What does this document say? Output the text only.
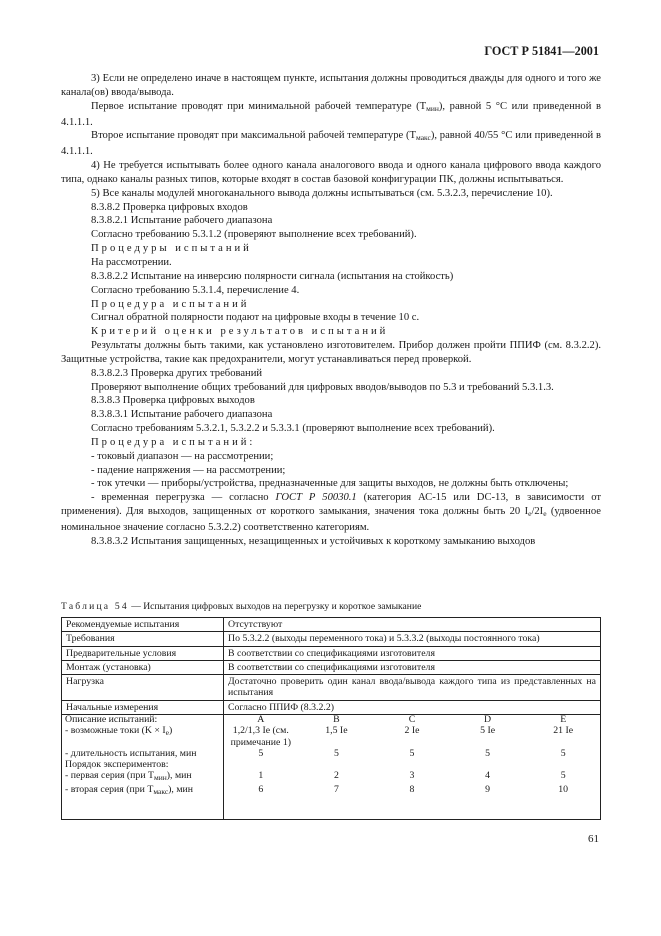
ГОСТ Р 51841—2001

3) Если не определено иначе в настоящем пункте, испытания должны проводиться дважды для одного и того же канала(ов) ввода/вывода.

Первое испытание проводят при минимальной рабочей температуре $(T_{мин})$, равной 5 °С или приведенной в 4.1.1.1.

Второе испытание проводят при максимальной рабочей температуре $(T_{макс})$, равной 40/55 °С или приведенной в 4.1.1.1.

4) Не требуется испытывать более одного канала аналогового ввода и одного канала цифрового ввода каждого типа, однако каналы разных типов, которые входят в состав базовой конфигурации ПК, должны испытываться.

5) Все каналы модулей многоканального вывода должны испытываться (см. 5.3.2.3, перечисление 10).

8.3.8.2 Проверка цифровых входов

8.3.8.2.1 Испытание рабочего диапазона

Согласно требованию 5.3.1.2 (проверяют выполнение всех требований).

Процедуры испытаний

На рассмотрении.

8.3.8.2.2 Испытание на инверсию полярности сигнала (испытания на стойкость)

Согласно требованию 5.3.1.4, перечисление 4.

Процедура испытаний

Сигнал обратной полярности подают на цифровые входы в течение 10 с.

Критерий оценки результатов испытаний

Результаты должны быть такими, как установлено изготовителем. Прибор должен пройти ППИФ (см. 8.3.2.2). Защитные устройства, такие как предохранители, могут устанавливаться перед проверкой.

8.3.8.2.3 Проверка других требований

Проверяют выполнение общих требований для цифровых вводов/выводов по 5.3 и требований 5.3.1.3.

8.3.8.3 Проверка цифровых выходов

8.3.8.3.1 Испытание рабочего диапазона

Согласно требованиям 5.3.2.1, 5.3.2.2 и 5.3.3.1 (проверяют выполнение всех требований).

Процедура испытаний:

- токовый диапазон — на рассмотрении;

- падение напряжения — на рассмотрении;

- ток утечки — приборы/устройства, предназначенные для защиты выходов, не должны быть отключены;

- временная перегрузка — согласно ГОСТ Р 50030.1 (категория АС-15 или DC-13, в зависимости от применения). Для выходов, защищенных от короткого замыкания, значения тока должны быть 20 $I_е/2I_е$ (удвоенное номинальное значение согласно 5.3.2.2) соответственно категориям.

8.3.8.3.2 Испытания защищенных, незащищенных и устойчивых к короткому замыканию выходов

Таблица 54 — Испытания цифровых выходов на перегрузку и короткое замыкание
Рекомендуемые испытания	Отсутствуют
Требования	По 5.3.2.2 (выходы переменного тока) и 5.3.3.2 (выходы постоянного тока)
Предварительные условия	В соответствии со спецификациями изготовителя
Монтаж (установка)	В соответствии со спецификациями изготовителя
Нагрузка	Достаточно проверить один канал ввода/вывода каждого типа из представленных на испытания
Начальные измерения	Согласно ППИФ (8.3.2.2)
Описание испытаний:	A	B	C	D	E
- возможные токи $(K \times I_e)$	1,2/1,3 Iе (см. примечание 1)	1,5 Iе	2 Iе	5 Iе	21 Iе
- длительность испытания, мин	5	5	5	5	5
Порядок экспериментов:					
- первая серия (при $T_{мин}$), мин	1	2	3	4	5
- вторая серия (при $T_{макс}$), мин	6	7	8	9	10
61
